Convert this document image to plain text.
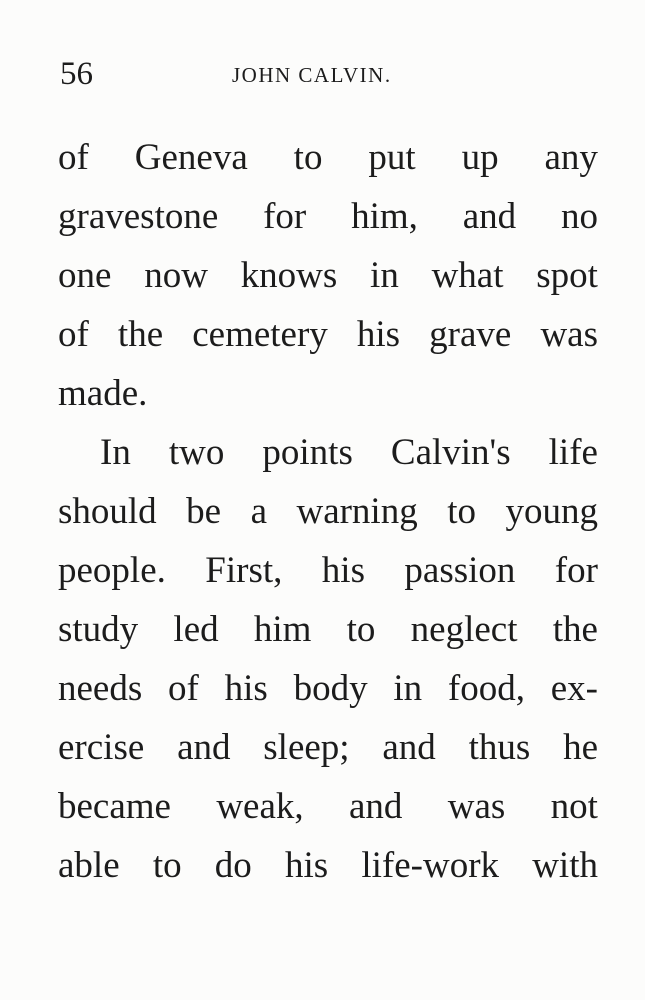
56	JOHN CALVIN.
of Geneva to put up any
gravestone for him, and no
one now knows in what spot
of the cemetery his grave was
made.
In two points Calvin's life
should be a warning to young
people. First, his passion for
study led him to neglect the
needs of his body in food, ex-
ercise and sleep; and thus he
became weak, and was not
able to do his life-work with
